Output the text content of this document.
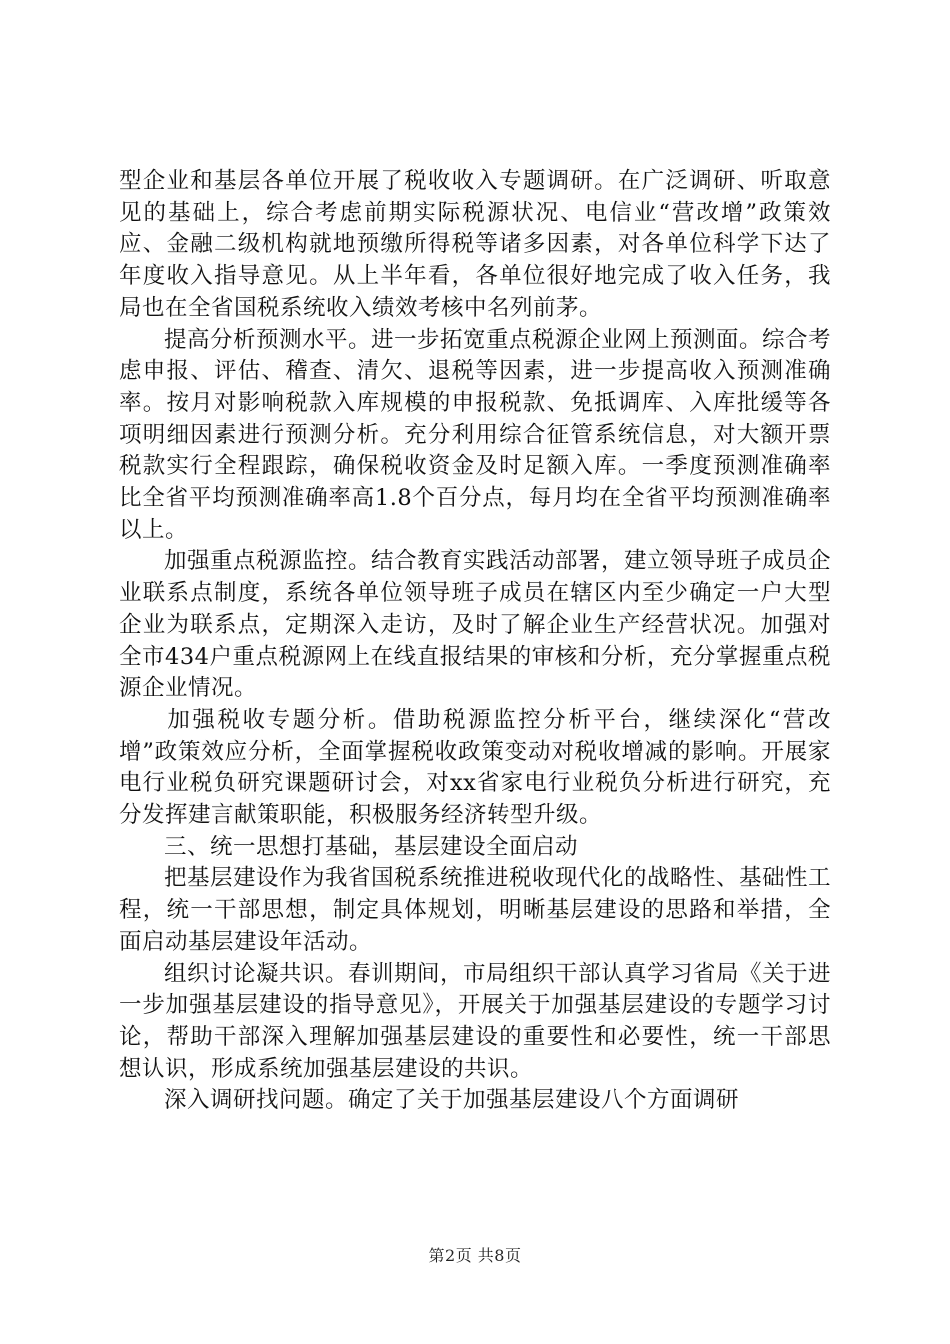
型企业和基层各单位开展了税收收入专题调研。在广泛调研、听取意见的基础上，综合考虑前期实际税源状况、电信业“营改增”政策效应、金融二级机构就地预缴所得税等诸多因素，对各单位科学下达了年度收入指导意见。从上半年看，各单位很好地完成了收入任务，我局也在全省国税系统收入绩效考核中名列前茅。

提高分析预测水平。进一步拓宽重点税源企业网上预测面。综合考虑申报、评估、稽查、清欠、退税等因素，进一步提高收入预测准确率。按月对影响税款入库规模的申报税款、免抵调库、入库批缓等各项明细因素进行预测分析。充分利用综合征管系统信息，对大额开票税款实行全程跟踪，确保税收资金及时足额入库。一季度预测准确率比全省平均预测准确率高1.8个百分点，每月均在全省平均预测准确率以上。

加强重点税源监控。结合教育实践活动部署，建立领导班子成员企业联系点制度，系统各单位领导班子成员在辖区内至少确定一户大型企业为联系点，定期深入走访，及时了解企业生产经营状况。加强对全市434户重点税源网上在线直报结果的审核和分析，充分掌握重点税源企业情况。

加强税收专题分析。借助税源监控分析平台，继续深化“营改增”政策效应分析，全面掌握税收政策变动对税收增减的影响。开展家电行业税负研究课题研讨会，对xx省家电行业税负分析进行研究，充分发挥建言献策职能，积极服务经济转型升级。

三、统一思想打基础，基层建设全面启动

把基层建设作为我省国税系统推进税收现代化的战略性、基础性工程，统一干部思想，制定具体规划，明晰基层建设的思路和举措，全面启动基层建设年活动。

组织讨论凝共识。春训期间，市局组织干部认真学习省局《关于进一步加强基层建设的指导意见》，开展关于加强基层建设的专题学习讨论，帮助干部深入理解加强基层建设的重要性和必要性，统一干部思想认识，形成系统加强基层建设的共识。

深入调研找问题。确定了关于加强基层建设八个方面调研

第2页 共8页
